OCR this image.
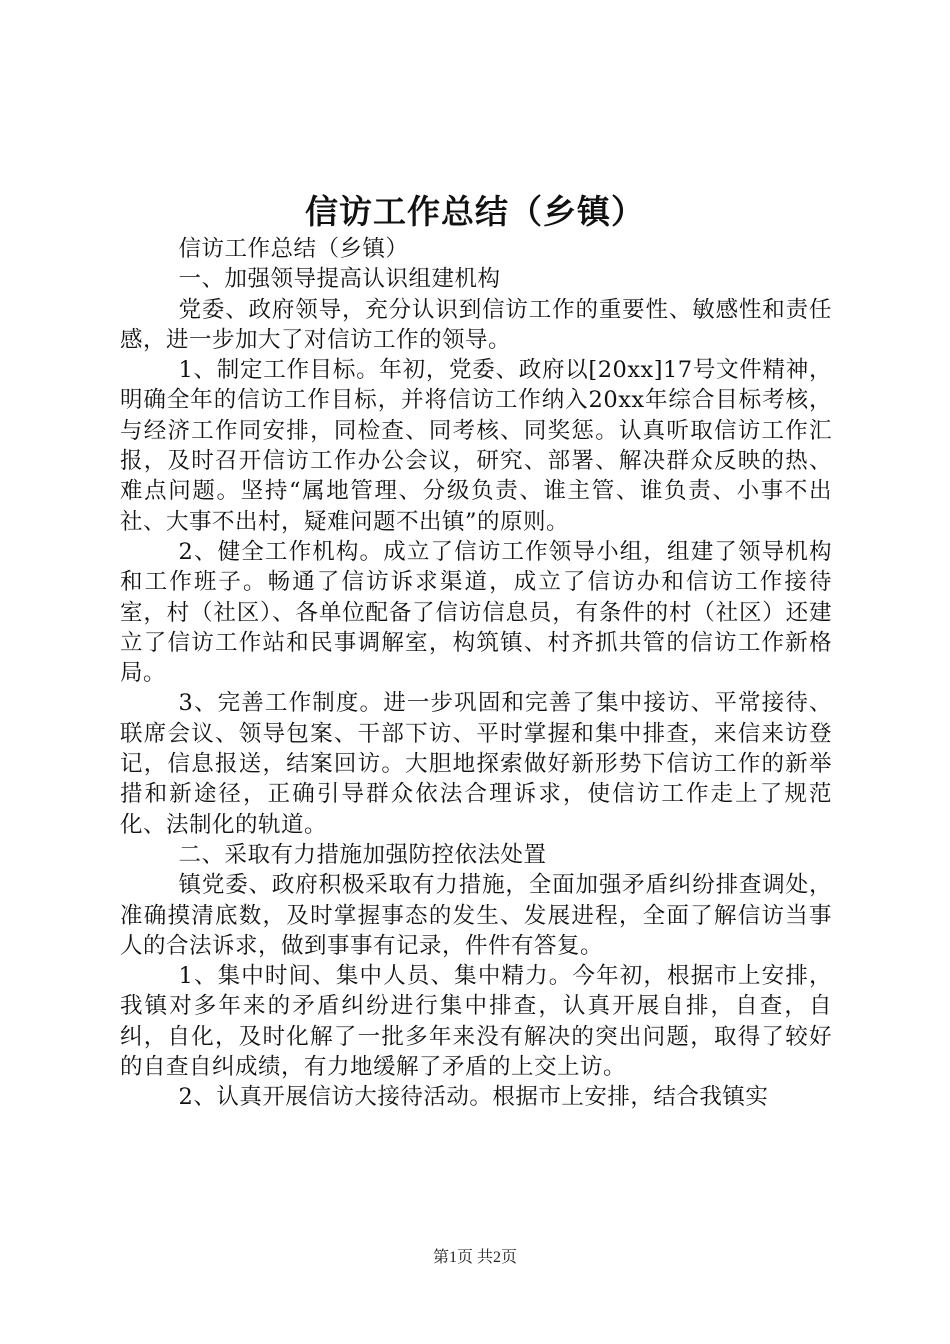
信访工作总结（乡镇）

信访工作总结（乡镇）

一、加强领导提高认识组建机构

党委、政府领导，充分认识到信访工作的重要性、敏感性和责任感，进一步加大了对信访工作的领导。

1、制定工作目标。年初，党委、政府以[20xx]17号文件精神，明确全年的信访工作目标，并将信访工作纳入20xx年综合目标考核，与经济工作同安排，同检查、同考核、同奖惩。认真听取信访工作汇报，及时召开信访工作办公会议，研究、部署、解决群众反映的热、难点问题。坚持“属地管理、分级负责、谁主管、谁负责、小事不出社、大事不出村，疑难问题不出镇”的原则。

2、健全工作机构。成立了信访工作领导小组，组建了领导机构和工作班子。畅通了信访诉求渠道，成立了信访办和信访工作接待室，村（社区）、各单位配备了信访信息员，有条件的村（社区）还建立了信访工作站和民事调解室，构筑镇、村齐抓共管的信访工作新格局。

3、完善工作制度。进一步巩固和完善了集中接访、平常接待、联席会议、领导包案、干部下访、平时掌握和集中排查，来信来访登记，信息报送，结案回访。大胆地探索做好新形势下信访工作的新举措和新途径，正确引导群众依法合理诉求，使信访工作走上了规范化、法制化的轨道。

二、采取有力措施加强防控依法处置

镇党委、政府积极采取有力措施，全面加强矛盾纠纷排查调处，准确摸清底数，及时掌握事态的发生、发展进程，全面了解信访当事人的合法诉求，做到事事有记录，件件有答复。

1、集中时间、集中人员、集中精力。今年初，根据市上安排，我镇对多年来的矛盾纠纷进行集中排查，认真开展自排，自查，自纠，自化，及时化解了一批多年来没有解决的突出问题，取得了较好的自查自纠成绩，有力地缓解了矛盾的上交上访。

2、认真开展信访大接待活动。根据市上安排，结合我镇实

第1页 共2页
